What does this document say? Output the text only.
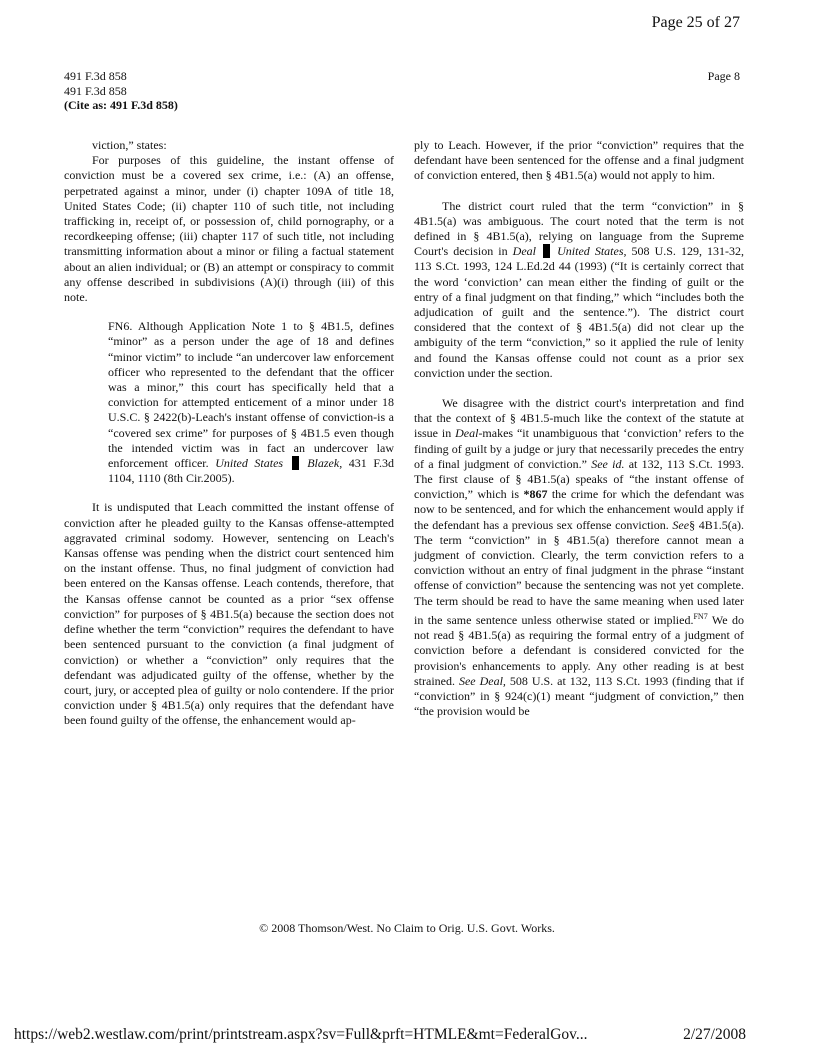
Page 25 of 27
491 F.3d 858
491 F.3d 858
(Cite as: 491 F.3d 858)
Page 8

viction,” states:

For purposes of this guideline, the instant offense of conviction must be a covered sex crime, i.e.: (A) an offense, perpetrated against a minor, under (i) chapter 109A of title 18, United States Code; (ii) chapter 110 of such title, not including trafficking in, receipt of, or possession of, child pornography, or a recordkeeping offense; (iii) chapter 117 of such title, not including transmitting information about a minor or filing a factual statement about an alien individual; or (B) an attempt or conspiracy to commit any offense described in subdivisions (A)(i) through (iii) of this note.

FN6. Although Application Note 1 to § 4B1.5, defines “minor” as a person under the age of 18 and defines “minor victim” to include “an undercover law enforcement officer who represented to the defendant that the officer was a minor,” this court has specifically held that a conviction for attempted enticement of a minor under 18 U.S.C. § 2422(b)-Leach's instant offense of conviction-is a “covered sex crime” for purposes of § 4B1.5 even though the intended victim was in fact an undercover law enforcement officer. United States Blazek, 431 F.3d 1104, 1110 (8th Cir.2005).

It is undisputed that Leach committed the instant offense of conviction after he pleaded guilty to the Kansas offense-attempted aggravated criminal sodomy. However, sentencing on Leach's Kansas offense was pending when the district court sentenced him on the instant offense. Thus, no final judgment of conviction had been entered on the Kansas offense. Leach contends, therefore, that the Kansas offense cannot be counted as a prior “sex offense conviction” for purposes of § 4B1.5(a) because the section does not define whether the term “conviction” requires the defendant to have been sentenced pursuant to the conviction (a final judgment of conviction) or whether a “conviction” only requires that the defendant was adjudicated guilty of the offense, whether by the court, jury, or accepted plea of guilty or nolo contendere. If the prior conviction under § 4B1.5(a) only requires that the defendant have been found guilty of the offense, the enhancement would ap-

ply to Leach. However, if the prior “conviction” requires that the defendant have been sentenced for the offense and a final judgment of conviction entered, then § 4B1.5(a) would not apply to him.

The district court ruled that the term “conviction” in § 4B1.5(a) was ambiguous. The court noted that the term is not defined in § 4B1.5(a), relying on language from the Supreme Court's decision in Deal United States, 508 U.S. 129, 131-32, 113 S.Ct. 1993, 124 L.Ed.2d 44 (1993) (“It is certainly correct that the word ‘conviction’ can mean either the finding of guilt or the entry of a final judgment on that finding,” which “includes both the adjudication of guilt and the sentence.”). The district court considered that the context of § 4B1.5(a) did not clear up the ambiguity of the term “conviction,” so it applied the rule of lenity and found the Kansas offense could not count as a prior sex conviction under the section.

We disagree with the district court's interpretation and find that the context of § 4B1.5-much like the context of the statute at issue in Deal-makes “it unambiguous that ‘conviction’ refers to the finding of guilt by a judge or jury that necessarily precedes the entry of a final judgment of conviction.” See id. at 132, 113 S.Ct. 1993. The first clause of § 4B1.5(a) speaks of “the instant offense of conviction,” which is *867 the crime for which the defendant was now to be sentenced, and for which the enhancement would apply if the defendant has a previous sex offense conviction. See§ 4B1.5(a). The term “conviction” in § 4B1.5(a) therefore cannot mean a judgment of conviction. Clearly, the term conviction refers to a conviction without an entry of final judgment in the phrase “instant offense of conviction” because the sentencing was not yet complete. The term should be read to have the same meaning when used later in the same sentence unless otherwise stated or implied.$^{FN7}$ We do not read § 4B1.5(a) as requiring the formal entry of a judgment of conviction before a defendant is considered convicted for the provision's enhancements to apply. Any other reading is at best strained. See Deal, 508 U.S. at 132, 113 S.Ct. 1993 (finding that if “conviction” in § 924(c)(1) meant “judgment of conviction,” then “the provision would be

© 2008 Thomson/West. No Claim to Orig. U.S. Govt. Works.
https://web2.westlaw.com/print/printstream.aspx?sv=Full&prft=HTMLE&mt=FederalGov...	2/27/2008
